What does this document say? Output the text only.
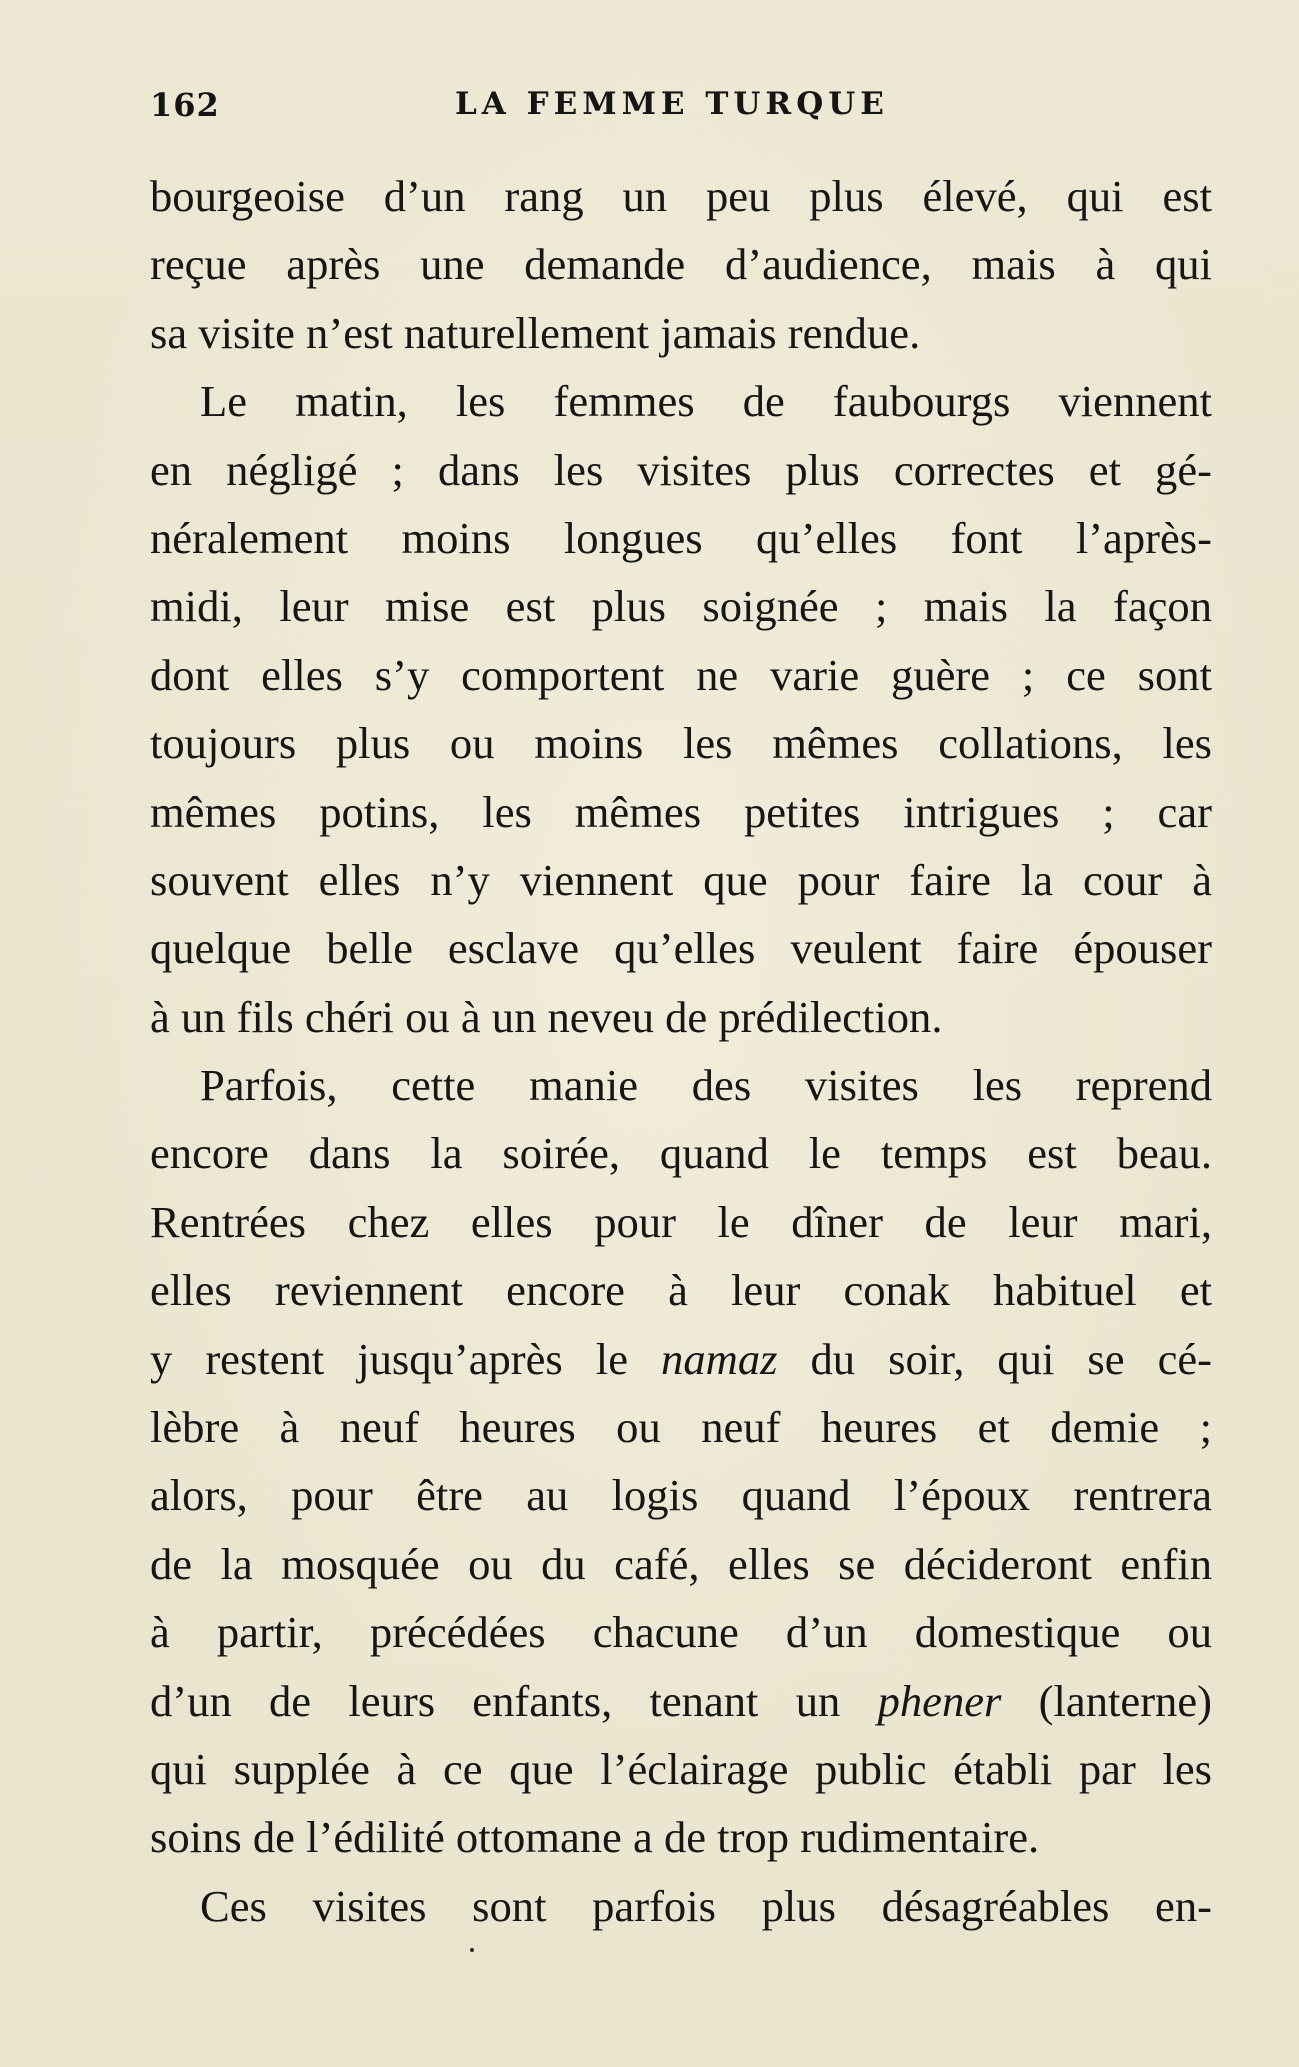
162	LA FEMME TURQUE
bourgeoise d’un rang un peu plus élevé, qui est
reçue après une demande d’audience, mais à qui
sa visite n’est naturellement jamais rendue.
Le matin, les femmes de faubourgs viennent
en négligé ; dans les visites plus correctes et gé-
néralement moins longues qu’elles font l’après-
midi, leur mise est plus soignée ; mais la façon
dont elles s’y comportent ne varie guère ; ce sont
toujours plus ou moins les mêmes collations, les
mêmes potins, les mêmes petites intrigues ; car
souvent elles n’y viennent que pour faire la cour à
quelque belle esclave qu’elles veulent faire épouser
à un fils chéri ou à un neveu de prédilection.
Parfois, cette manie des visites les reprend
encore dans la soirée, quand le temps est beau.
Rentrées chez elles pour le dîner de leur mari,
elles reviennent encore à leur conak habituel et
y restent jusqu’après le namaz du soir, qui se cé-
lèbre à neuf heures ou neuf heures et demie ;
alors, pour être au logis quand l’époux rentrera
de la mosquée ou du café, elles se décideront enfin
à partir, précédées chacune d’un domestique ou
d’un de leurs enfants, tenant un phener (lanterne)
qui supplée à ce que l’éclairage public établi par les
soins de l’édilité ottomane a de trop rudimentaire.
Ces visites sont parfois plus désagréables en-
